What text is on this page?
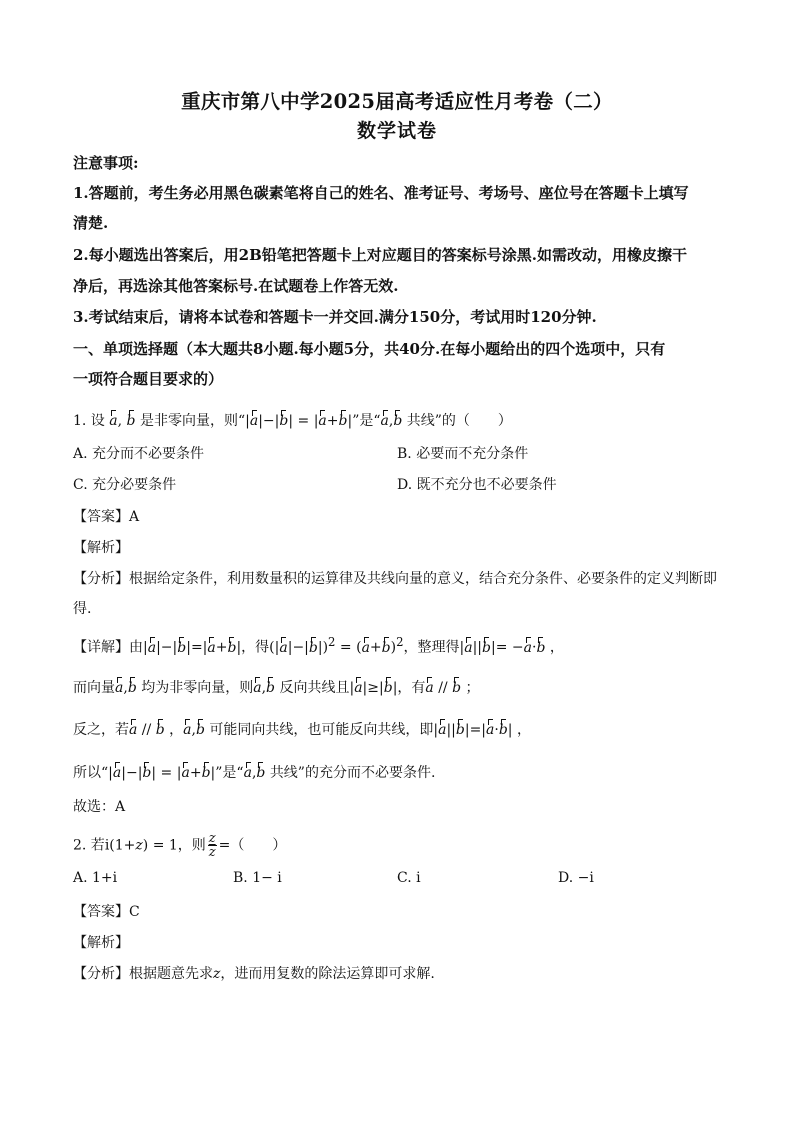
重庆市第八中学2025届高考适应性月考卷（二）
数学试卷
注意事项:
1.答题前，考生务必用黑色碳素笔将自己的姓名、准考证号、考场号、座位号在答题卡上填写
清楚.
2.每小题选出答案后，用2B铅笔把答题卡上对应题目的答案标号涂黑.如需改动，用橡皮擦干
净后，再选涂其他答案标号.在试题卷上作答无效.
3.考试结束后，请将本试卷和答题卡一并交回.满分150分，考试用时120分钟.
一、单项选择题（本大题共8小题.每小题5分，共40分.在每小题给出的四个选项中，只有
一项符合题目要求的）
1. 设 a, b 是非零向量，则“|a|−|b| = |a+b|”是“a,b 共线”的（　　）
A. 充分而不必要条件	B. 必要而不充分条件
C. 充分必要条件	D. 既不充分也不必要条件
【答案】A
【解析】
【分析】根据给定条件，利用数量积的运算律及共线向量的意义，结合充分条件、必要条件的定义判断即
得.
【详解】由|a|−|b|=|a+b|，得$(|a|-|b|)^2 = (a+b)^2$，整理得|a||b|= −a·b ，
而向量a,b 均为非零向量，则a,b 反向共线且|a|≥|b|，有a // b ；
反之，若a // b ，a,b 可能同向共线，也可能反向共线，即|a||b|=|a·b| ，
所以“|a|−|b| = |a+b|”是“a,b 共线”的充分而不必要条件.
故选：A
2. 若i(1+z) = 1，则 $\frac{z}{z}$ =（　　）
A. 1+i	B. 1− i	C. i	D. −i
【答案】C
【解析】
【分析】根据题意先求z，进而用复数的除法运算即可求解.
